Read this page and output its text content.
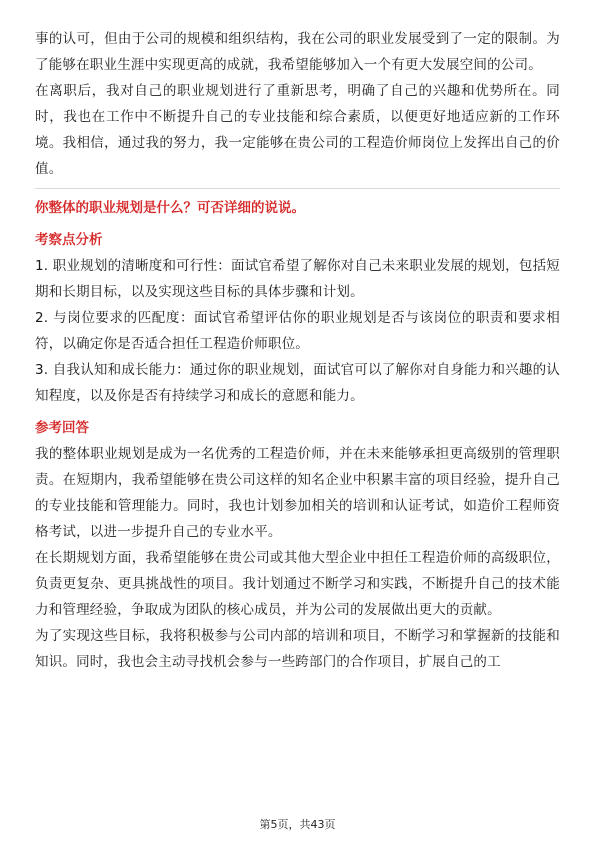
事的认可，但由于公司的规模和组织结构，我在公司的职业发展受到了一定的限制。为了能够在职业生涯中实现更高的成就，我希望能够加入一个有更大发展空间的公司。

在离职后，我对自己的职业规划进行了重新思考，明确了自己的兴趣和优势所在。同时，我也在工作中不断提升自己的专业技能和综合素质，以便更好地适应新的工作环境。我相信，通过我的努力，我一定能够在贵公司的工程造价师岗位上发挥出自己的价值。

你整体的职业规划是什么？可否详细的说说。

考察点分析

1. 职业规划的清晰度和可行性：面试官希望了解你对自己未来职业发展的规划，包括短期和长期目标，以及实现这些目标的具体步骤和计划。

2. 与岗位要求的匹配度：面试官希望评估你的职业规划是否与该岗位的职责和要求相符，以确定你是否适合担任工程造价师职位。

3. 自我认知和成长能力：通过你的职业规划，面试官可以了解你对自身能力和兴趣的认知程度，以及你是否有持续学习和成长的意愿和能力。

参考回答

我的整体职业规划是成为一名优秀的工程造价师，并在未来能够承担更高级别的管理职责。在短期内，我希望能够在贵公司这样的知名企业中积累丰富的项目经验，提升自己的专业技能和管理能力。同时，我也计划参加相关的培训和认证考试，如造价工程师资格考试，以进一步提升自己的专业水平。

在长期规划方面，我希望能够在贵公司或其他大型企业中担任工程造价师的高级职位，负责更复杂、更具挑战性的项目。我计划通过不断学习和实践，不断提升自己的技术能力和管理经验，争取成为团队的核心成员，并为公司的发展做出更大的贡献。

为了实现这些目标，我将积极参与公司内部的培训和项目，不断学习和掌握新的技能和知识。同时，我也会主动寻找机会参与一些跨部门的合作项目，扩展自己的工

第5页，共43页
